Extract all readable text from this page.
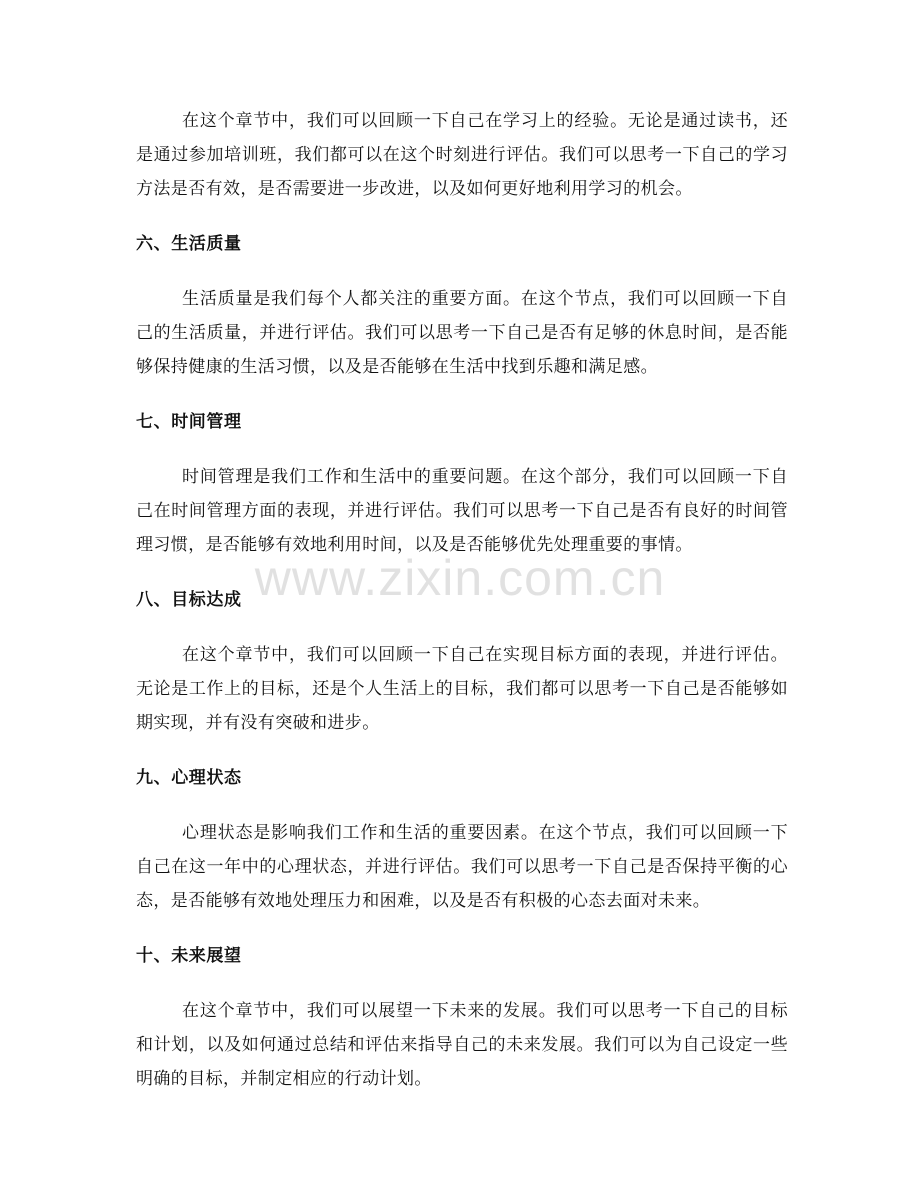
在这个章节中，我们可以回顾一下自己在学习上的经验。无论是通过读书，还是通过参加培训班，我们都可以在这个时刻进行评估。我们可以思考一下自己的学习方法是否有效，是否需要进一步改进，以及如何更好地利用学习的机会。

六、生活质量

生活质量是我们每个人都关注的重要方面。在这个节点，我们可以回顾一下自己的生活质量，并进行评估。我们可以思考一下自己是否有足够的休息时间，是否能够保持健康的生活习惯，以及是否能够在生活中找到乐趣和满足感。

七、时间管理

时间管理是我们工作和生活中的重要问题。在这个部分，我们可以回顾一下自己在时间管理方面的表现，并进行评估。我们可以思考一下自己是否有良好的时间管理习惯，是否能够有效地利用时间，以及是否能够优先处理重要的事情。

八、目标达成

在这个章节中，我们可以回顾一下自己在实现目标方面的表现，并进行评估。无论是工作上的目标，还是个人生活上的目标，我们都可以思考一下自己是否能够如期实现，并有没有突破和进步。

九、心理状态

心理状态是影响我们工作和生活的重要因素。在这个节点，我们可以回顾一下自己在这一年中的心理状态，并进行评估。我们可以思考一下自己是否保持平衡的心态，是否能够有效地处理压力和困难，以及是否有积极的心态去面对未来。

十、未来展望

在这个章节中，我们可以展望一下未来的发展。我们可以思考一下自己的目标和计划，以及如何通过总结和评估来指导自己的未来发展。我们可以为自己设定一些明确的目标，并制定相应的行动计划。

www.zixin.com.cn
